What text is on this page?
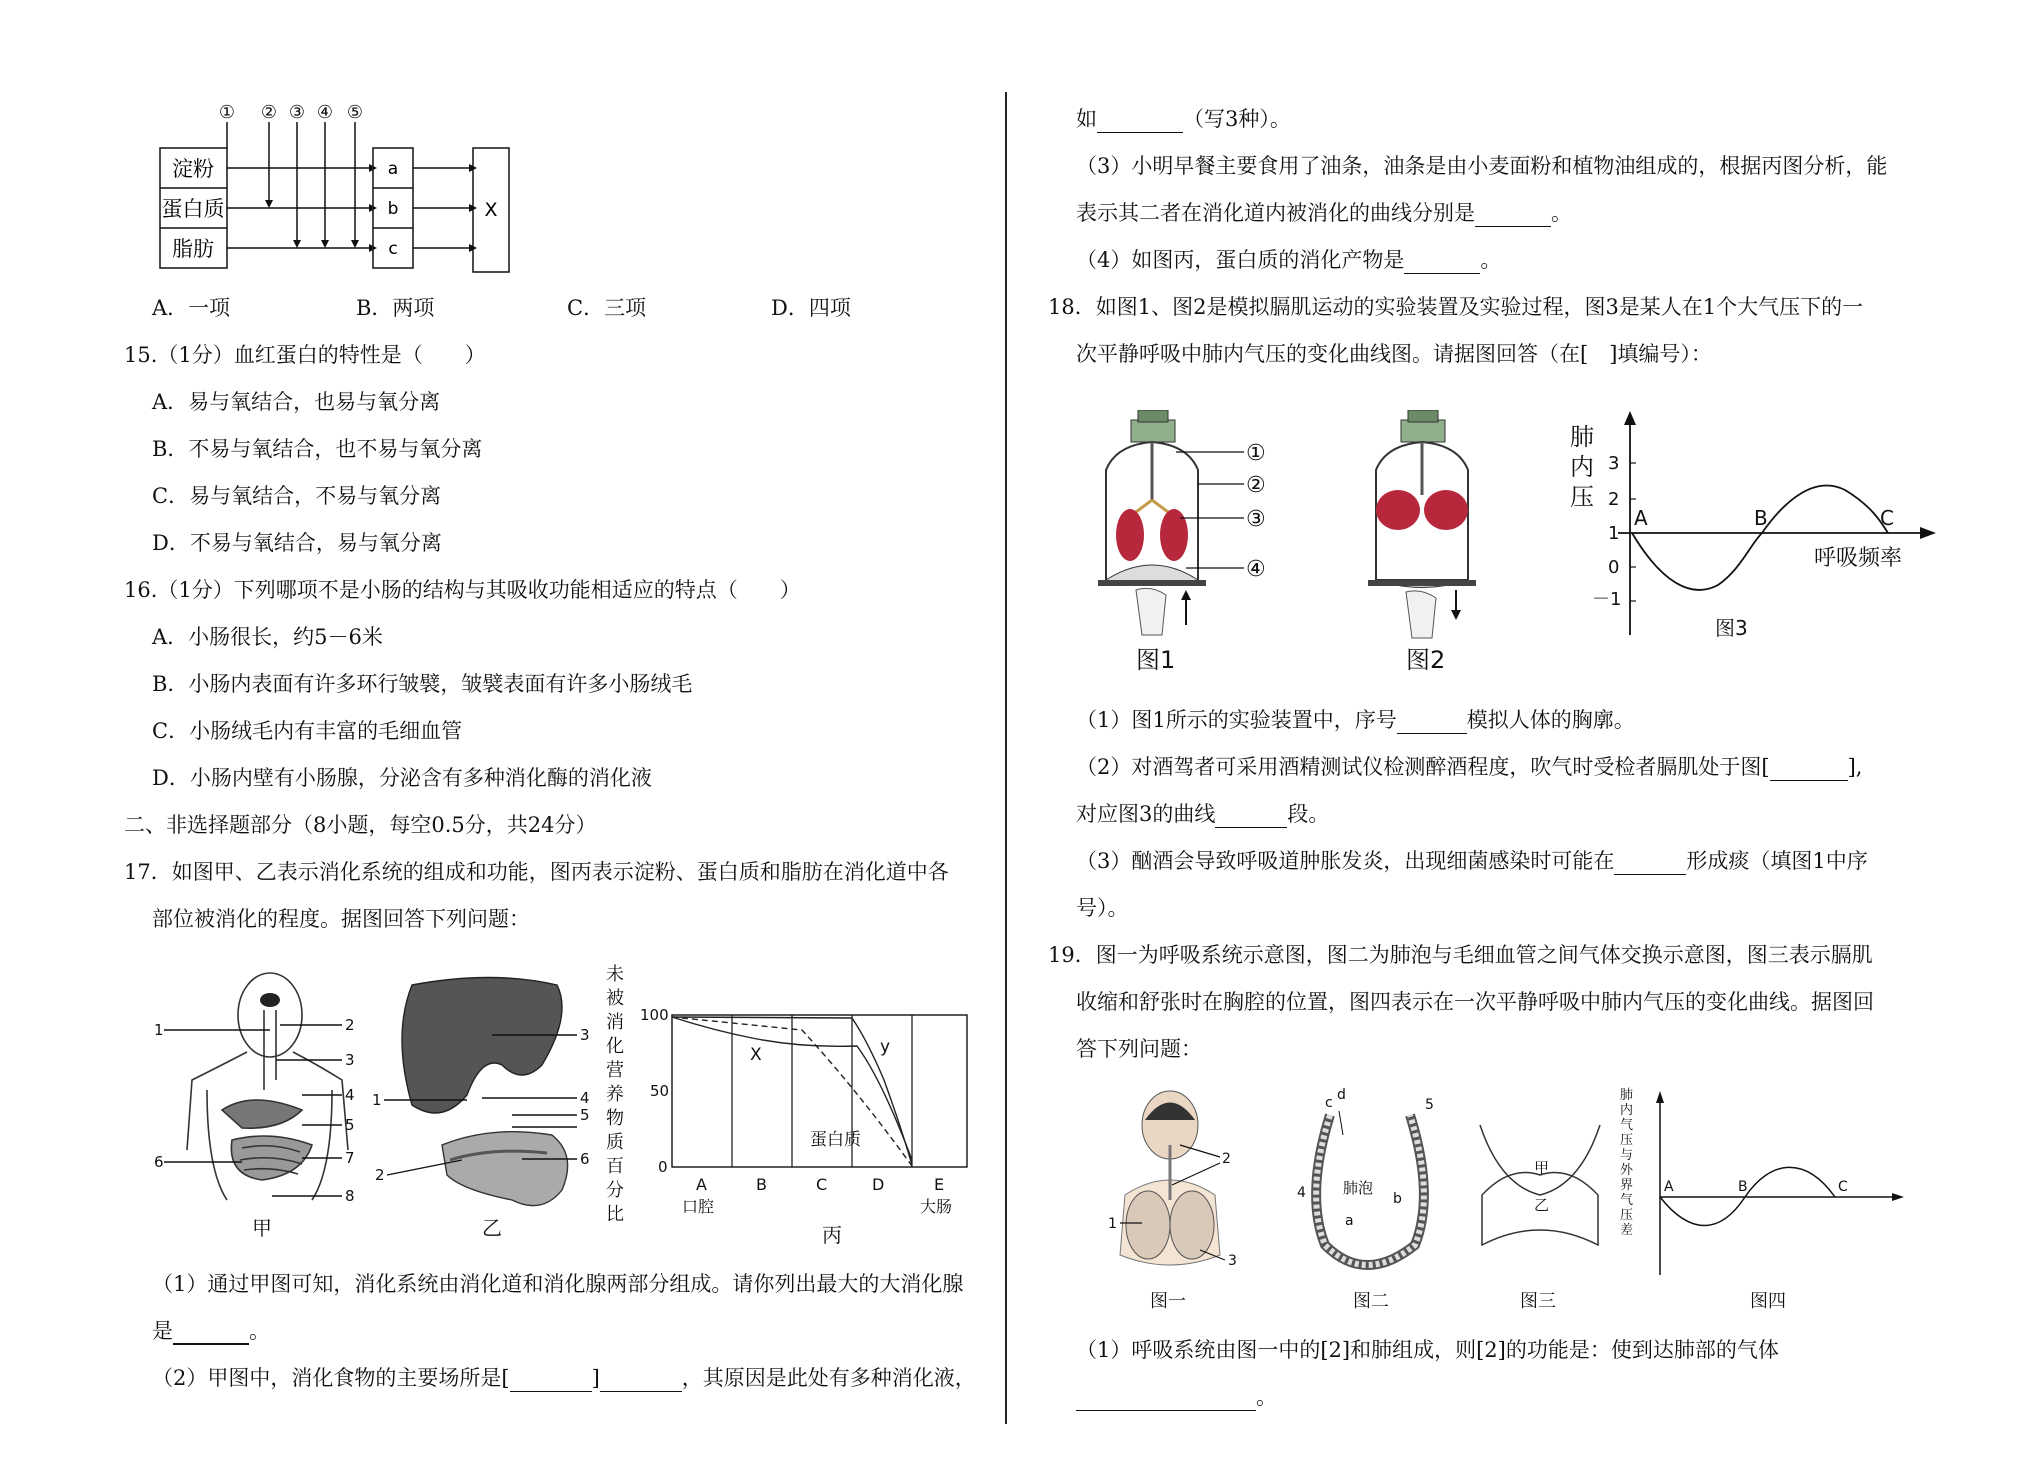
① ② ③ ④ ⑤
淀粉
蛋白质
脂肪
a
b
c
X
A．一项	B．两项	C．三项	D．四项
15.（1分）血红蛋白的特性是（　　）
A．易与氧结合，也易与氧分离
B．不易与氧结合，也不易与氧分离
C．易与氧结合，不易与氧分离
D．不易与氧结合，易与氧分离
16.（1分）下列哪项不是小肠的结构与其吸收功能相适应的特点（　　）
A．小肠很长，约5－6米
B．小肠内表面有许多环行皱襞，皱襞表面有许多小肠绒毛
C．小肠绒毛内有丰富的毛细血管
D．小肠内壁有小肠腺，分泌含有多种消化酶的消化液
二、非选择题部分（8小题，每空0.5分，共24分）
17．如图甲、乙表示消化系统的组成和功能，图丙表示淀粉、蛋白质和脂肪在消化道中各
部位被消化的程度。据图回答下列问题：
1	2
3
4
5
6	7
8
甲
1
2
3
4
5
6
乙
未
被
消
化
营
养
物
质
百
分
比
100
50
0
A	B	C	D	E
口腔	大肠
X	y
蛋白质
丙
（1）通过甲图可知，消化系统由消化道和消化腺两部分组成。请你列出最大的大消化腺
是	。
（2）甲图中，消化食物的主要场所是[	]	，其原因是此处有多种消化液，
如	（写3种）。
（3）小明早餐主要食用了油条，油条是由小麦面粉和植物油组成的，根据丙图分析，能
表示其二者在消化道内被消化的曲线分别是	。
（4）如图丙，蛋白质的消化产物是	。
18．如图1、图2是模拟膈肌运动的实验装置及实验过程，图3是某人在1个大气压下的一
次平静呼吸中肺内气压的变化曲线图。请据图回答（在[　]填编号）：
①
②
③
④
图1	图2
肺
内
压
3
2
1
0
－1
A	B	C
呼吸频率
图3
（1）图1所示的实验装置中，序号	模拟人体的胸廓。
（2）对酒驾者可采用酒精测试仪检测醉酒程度，吹气时受检者膈肌处于图[	],
对应图3的曲线	段。
（3）酗酒会导致呼吸道肿胀发炎，出现细菌感染时可能在	形成痰（填图1中序
号）。
19．图一为呼吸系统示意图，图二为肺泡与毛细血管之间气体交换示意图，图三表示膈肌
收缩和舒张时在胸腔的位置，图四表示在一次平静呼吸中肺内气压的变化曲线。据图回
答下列问题：
1
2
3
图一
c d
4
5
a
b
肺泡
图二
甲
乙
图三
肺
内
气
压
与
外
界
气
压
差
A	B	C
图四
（1）呼吸系统由图一中的[2]和肺组成，则[2]的功能是：使到达肺部的气体
。
